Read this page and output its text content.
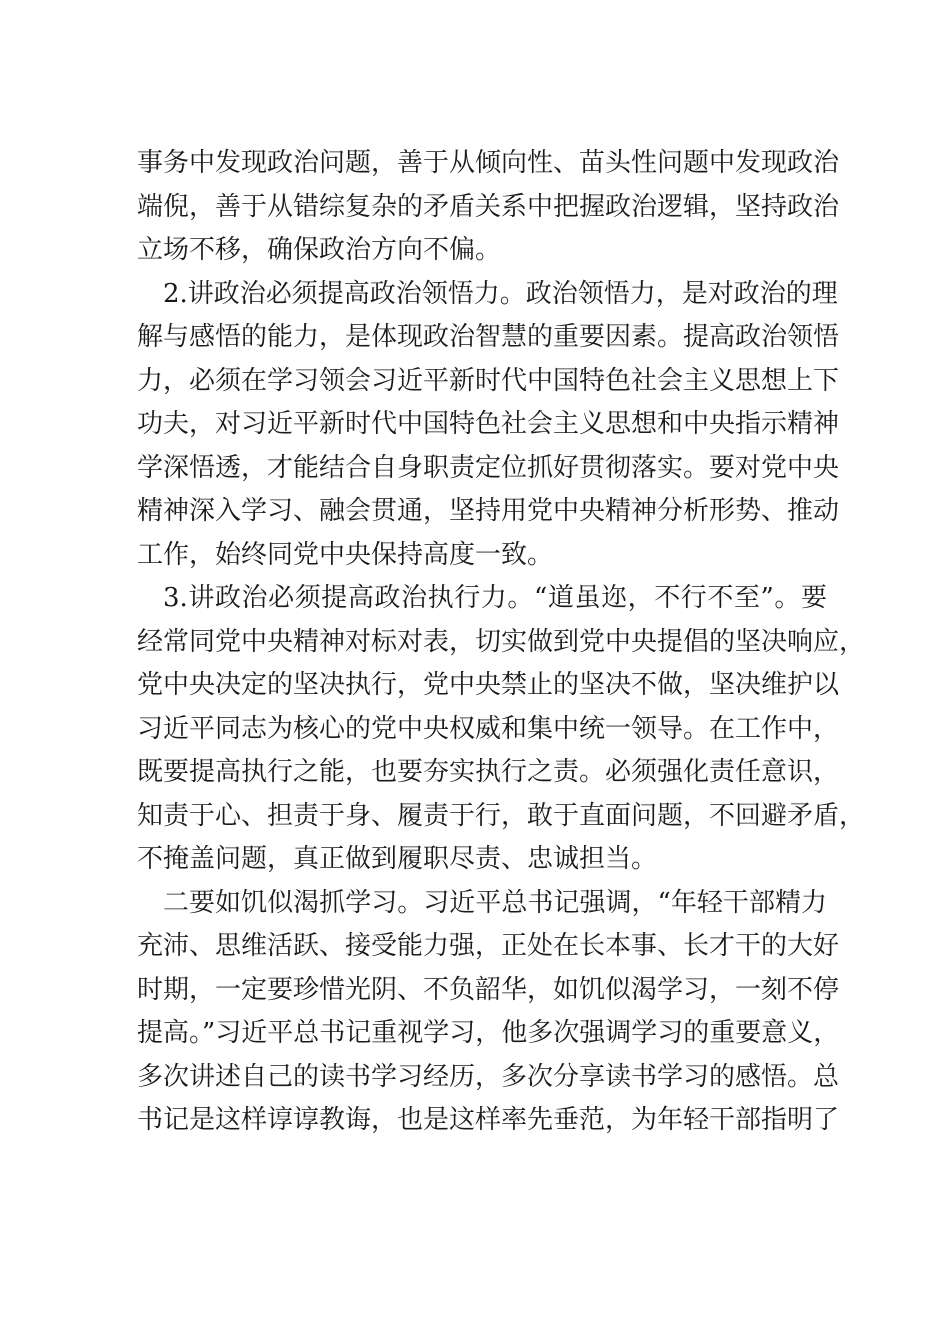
事务中发现政治问题，善于从倾向性、苗头性问题中发现政治
端倪，善于从错综复杂的矛盾关系中把握政治逻辑，坚持政治
立场不移，确保政治方向不偏。
2.讲政治必须提高政治领悟力。政治领悟力，是对政治的理
解与感悟的能力，是体现政治智慧的重要因素。提高政治领悟
力，必须在学习领会习近平新时代中国特色社会主义思想上下
功夫，对习近平新时代中国特色社会主义思想和中央指示精神
学深悟透，才能结合自身职责定位抓好贯彻落实。要对党中央
精神深入学习、融会贯通，坚持用党中央精神分析形势、推动
工作，始终同党中央保持高度一致。
3.讲政治必须提高政治执行力。“道虽迩，不行不至”。要
经常同党中央精神对标对表，切实做到党中央提倡的坚决响应，
党中央决定的坚决执行，党中央禁止的坚决不做，坚决维护以
习近平同志为核心的党中央权威和集中统一领导。在工作中，
既要提高执行之能，也要夯实执行之责。必须强化责任意识，
知责于心、担责于身、履责于行，敢于直面问题，不回避矛盾，
不掩盖问题，真正做到履职尽责、忠诚担当。
二要如饥似渴抓学习。习近平总书记强调，“年轻干部精力
充沛、思维活跃、接受能力强，正处在长本事、长才干的大好
时期，一定要珍惜光阴、不负韶华，如饥似渴学习，一刻不停
提高。”习近平总书记重视学习，他多次强调学习的重要意义，
多次讲述自己的读书学习经历，多次分享读书学习的感悟。总
书记是这样谆谆教诲，也是这样率先垂范，为年轻干部指明了
